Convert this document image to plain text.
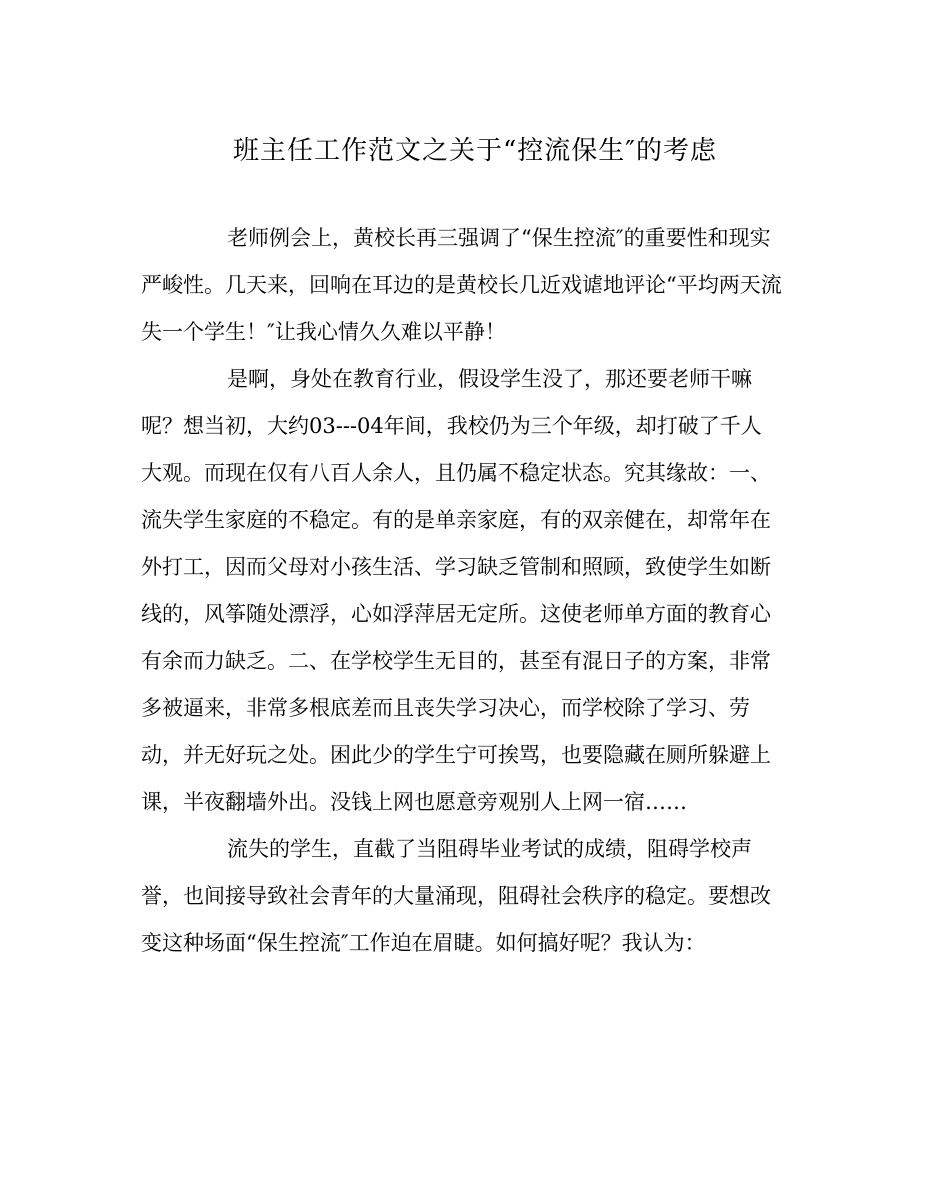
班主任工作范文之关于“控流保生″的考虑
老师例会上，黄校长再三强调了“保生控流″的重要性和现实
严峻性。几天来，回响在耳边的是黄校长几近戏谑地评论“平均两天流
失一个学生！″让我心情久久难以平静！
是啊，身处在教育行业，假设学生没了，那还要老师干嘛
呢？想当初，大约03---04年间，我校仍为三个年级，却打破了千人
大观。而现在仅有八百人余人，且仍属不稳定状态。究其缘故：一、
流失学生家庭的不稳定。有的是单亲家庭，有的双亲健在，却常年在
外打工，因而父母对小孩生活、学习缺乏管制和照顾，致使学生如断
线的，风筝随处漂浮，心如浮萍居无定所。这使老师单方面的教育心
有余而力缺乏。二、在学校学生无目的，甚至有混日子的方案，非常
多被逼来，非常多根底差而且丧失学习决心，而学校除了学习、劳
动，并无好玩之处。困此少的学生宁可挨骂，也要隐藏在厕所躲避上
课，半夜翻墙外出。没钱上网也愿意旁观别人上网一宿……
流失的学生，直截了当阻碍毕业考试的成绩，阻碍学校声
誉，也间接导致社会青年的大量涌现，阻碍社会秩序的稳定。要想改
变这种场面“保生控流″工作迫在眉睫。如何搞好呢？我认为：
